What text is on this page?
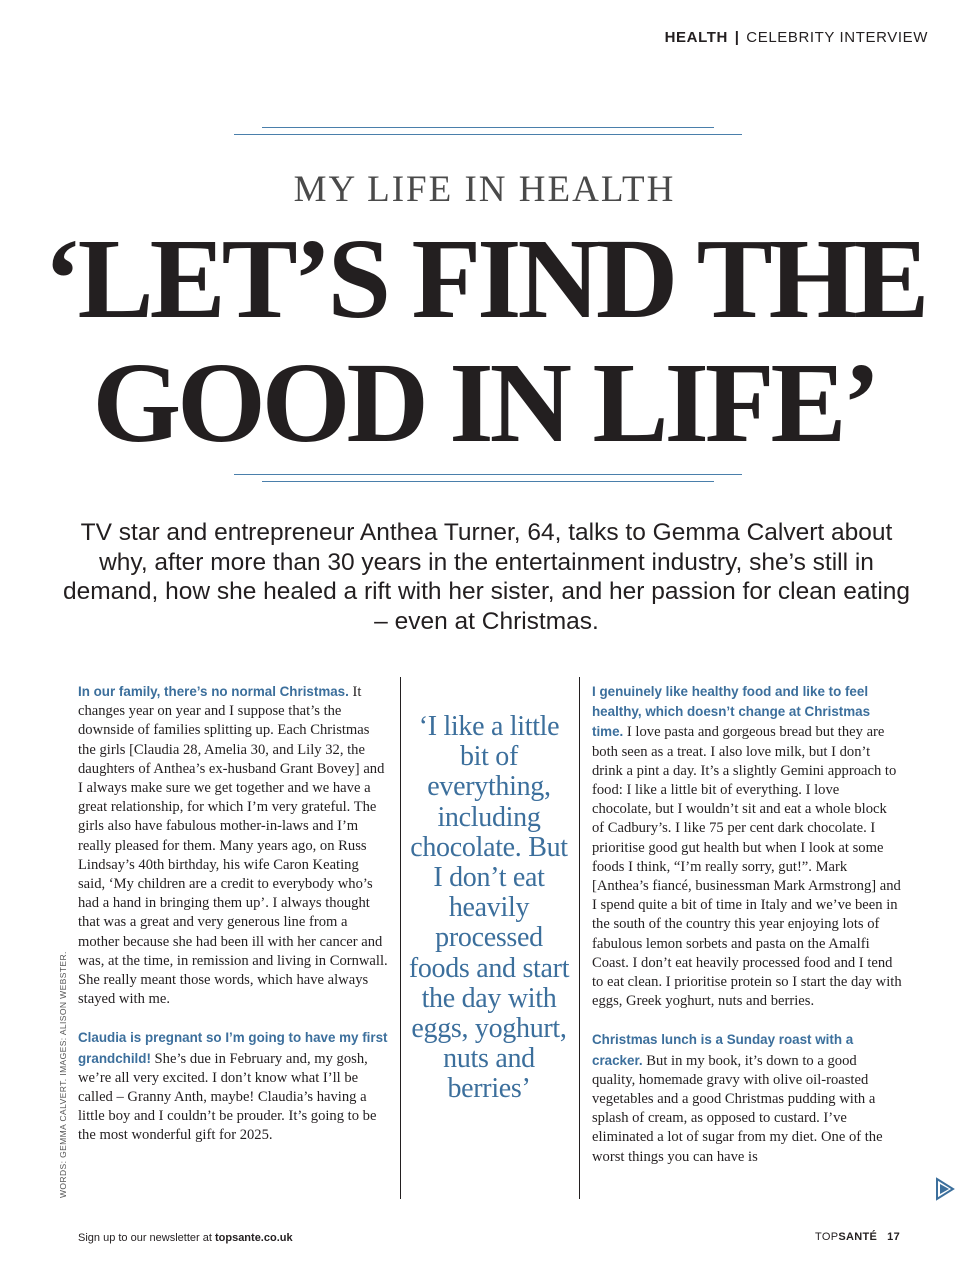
HEALTH | CELEBRITY INTERVIEW
MY LIFE IN HEALTH
‘LET’S FIND THE
GOOD IN LIFE’
TV star and entrepreneur Anthea Turner, 64, talks to Gemma Calvert about why, after more than 30 years in the entertainment industry, she’s still in demand, how she healed a rift with her sister, and her passion for clean eating – even at Christmas.

In our family, there’s no normal Christmas. It changes year on year and I suppose that’s the downside of families splitting up. Each Christmas the girls [Claudia 28, Amelia 30, and Lily 32, the daughters of Anthea’s ex-husband Grant Bovey] and I always make sure we get together and we have a great relationship, for which I’m very grateful. The girls also have fabulous mother-in-laws and I’m really pleased for them. Many years ago, on Russ Lindsay’s 40th birthday, his wife Caron Keating said, ‘My children are a credit to everybody who’s had a hand in bringing them up’. I always thought that was a great and very generous line from a mother because she had been ill with her cancer and was, at the time, in remission and living in Cornwall. She really meant those words, which have always stayed with me.

Claudia is pregnant so I’m going to have my first grandchild! She’s due in February and, my gosh, we’re all very excited. I don’t know what I’ll be called – Granny Anth, maybe! Claudia’s having a little boy and I couldn’t be prouder. It’s going to be the most wonderful gift for 2025.

‘I like a little bit of everything, including chocolate. But I don’t eat heavily processed foods and start the day with eggs, yoghurt, nuts and berries’

I genuinely like healthy food and like to feel healthy, which doesn’t change at Christmas time. I love pasta and gorgeous bread but they are both seen as a treat. I also love milk, but I don’t drink a pint a day. It’s a slightly Gemini approach to food: I like a little bit of everything. I love chocolate, but I wouldn’t sit and eat a whole block of Cadbury’s. I like 75 per cent dark chocolate. I prioritise good gut health but when I look at some foods I think, “I’m really sorry, gut!”. Mark [Anthea’s fiancé, businessman Mark Armstrong] and I spend quite a bit of time in Italy and we’ve been in the south of the country this year enjoying lots of fabulous lemon sorbets and pasta on the Amalfi Coast. I don’t eat heavily processed food and I tend to eat clean. I prioritise protein so I start the day with eggs, Greek yoghurt, nuts and berries.

Christmas lunch is a Sunday roast with a cracker. But in my book, it’s down to a good quality, homemade gravy with olive oil-roasted vegetables and a good Christmas pudding with a splash of cream, as opposed to custard. I’ve eliminated a lot of sugar from my diet. One of the worst things you can have is

WORDS: GEMMA CALVERT. IMAGES: ALISON WEBSTER.
Sign up to our newsletter at topsante.co.uk	TOPSANTÉ 17
